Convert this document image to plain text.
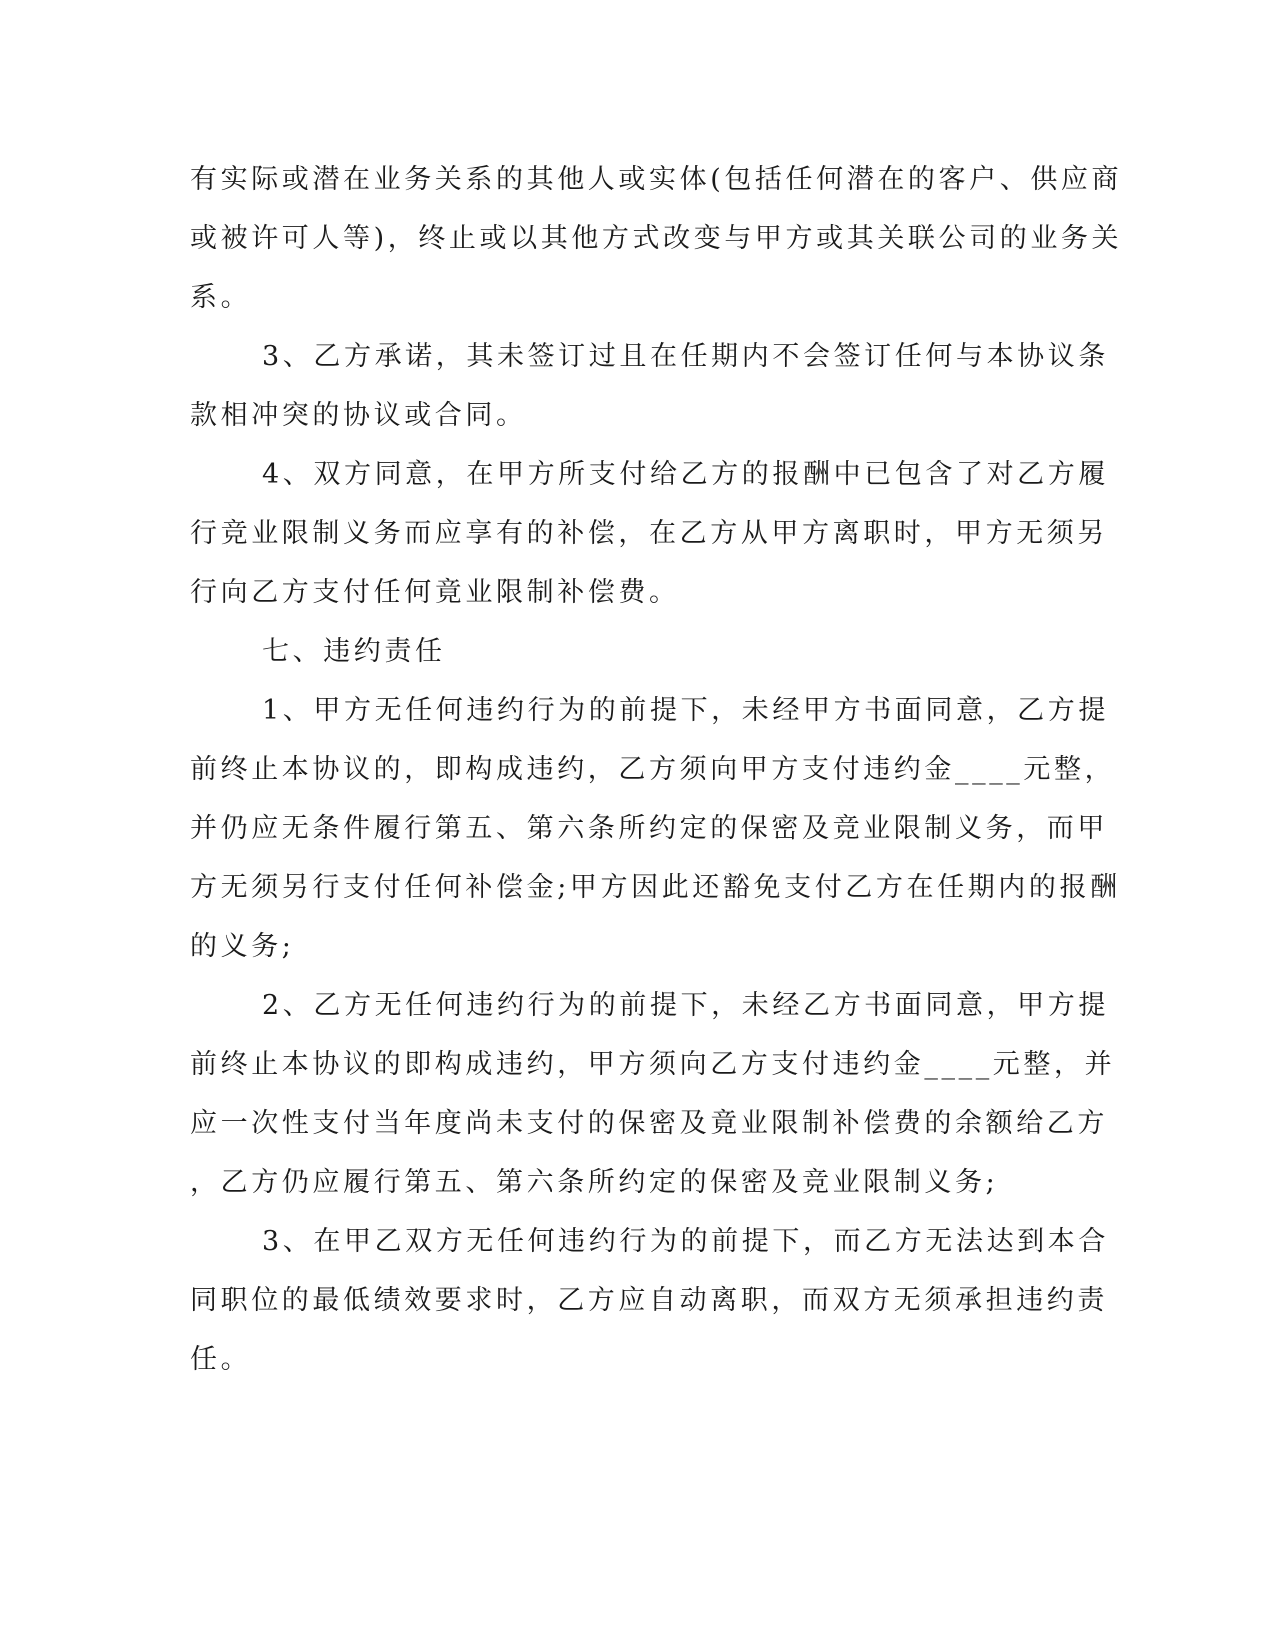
有实际或潜在业务关系的其他人或实体(包括任何潜在的客户、供应商
或被许可人等)，终止或以其他方式改变与甲方或其关联公司的业务关
系。
3、乙方承诺，其未签订过且在任期内不会签订任何与本协议条
款相冲突的协议或合同。
4、双方同意，在甲方所支付给乙方的报酬中已包含了对乙方履
行竞业限制义务而应享有的补偿，在乙方从甲方离职时，甲方无须另
行向乙方支付任何竟业限制补偿费。
七、违约责任
1、甲方无任何违约行为的前提下，未经甲方书面同意，乙方提
前终止本协议的，即构成违约，乙方须向甲方支付违约金____元整，
并仍应无条件履行第五、第六条所约定的保密及竞业限制义务，而甲
方无须另行支付任何补偿金;甲方因此还豁免支付乙方在任期内的报酬
的义务;
2、乙方无任何违约行为的前提下，未经乙方书面同意，甲方提
前终止本协议的即构成违约，甲方须向乙方支付违约金____元整，并
应一次性支付当年度尚未支付的保密及竟业限制补偿费的余额给乙方
，乙方仍应履行第五、第六条所约定的保密及竞业限制义务;
3、在甲乙双方无任何违约行为的前提下，而乙方无法达到本合
同职位的最低绩效要求时，乙方应自动离职，而双方无须承担违约责
任。
